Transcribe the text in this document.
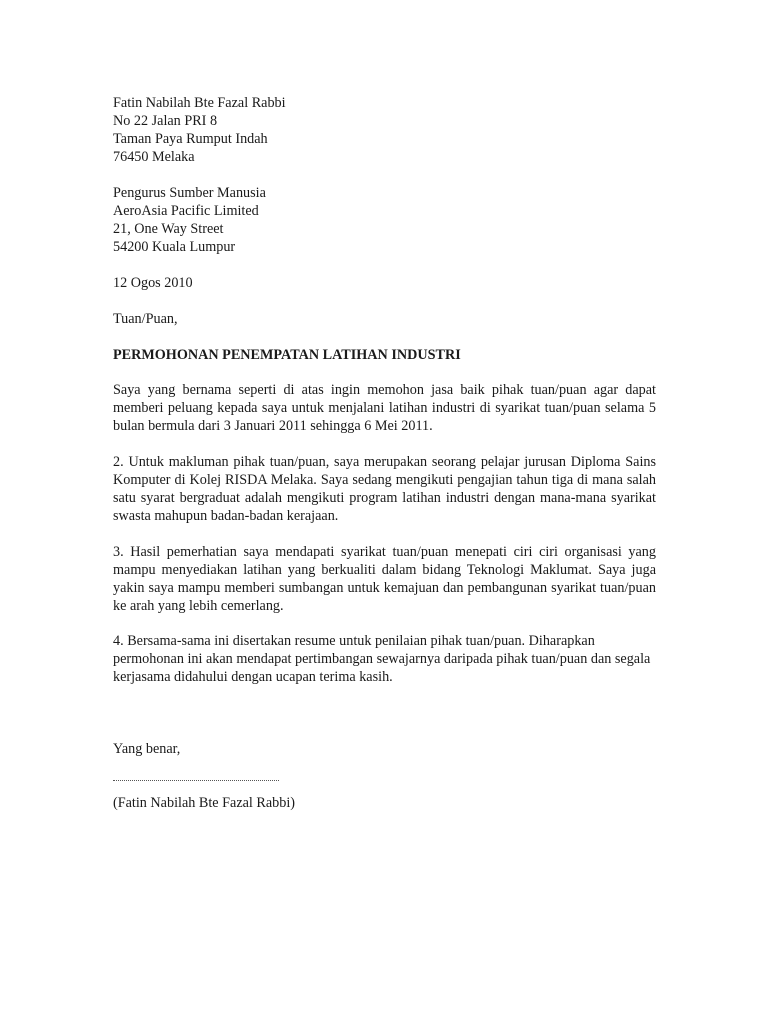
Fatin Nabilah Bte Fazal Rabbi
No 22 Jalan PRI 8
Taman Paya Rumput Indah
76450 Melaka
Pengurus Sumber Manusia
AeroAsia Pacific Limited
21, One Way Street
54200 Kuala Lumpur
12 Ogos 2010
Tuan/Puan,
PERMOHONAN PENEMPATAN LATIHAN INDUSTRI
Saya yang bernama seperti di atas ingin memohon jasa baik pihak tuan/puan agar dapat memberi peluang kepada saya untuk menjalani latihan industri di syarikat tuan/puan selama 5 bulan bermula dari 3 Januari 2011 sehingga 6 Mei 2011.
2. Untuk makluman pihak tuan/puan, saya merupakan seorang pelajar jurusan Diploma Sains Komputer di Kolej RISDA Melaka. Saya sedang mengikuti pengajian tahun tiga di mana salah satu syarat bergraduat adalah mengikuti program latihan industri dengan mana-mana syarikat swasta mahupun badan-badan kerajaan.
3. Hasil pemerhatian saya mendapati syarikat tuan/puan menepati ciri ciri organisasi yang mampu menyediakan latihan yang berkualiti dalam bidang Teknologi Maklumat. Saya juga yakin saya mampu memberi sumbangan untuk kemajuan dan pembangunan syarikat tuan/puan ke arah yang lebih cemerlang.
4. Bersama-sama ini disertakan resume untuk penilaian pihak tuan/puan. Diharapkan permohonan ini akan mendapat pertimbangan sewajarnya daripada pihak tuan/puan dan segala kerjasama didahului dengan ucapan terima kasih.
Yang benar,
(Fatin Nabilah Bte Fazal Rabbi)
